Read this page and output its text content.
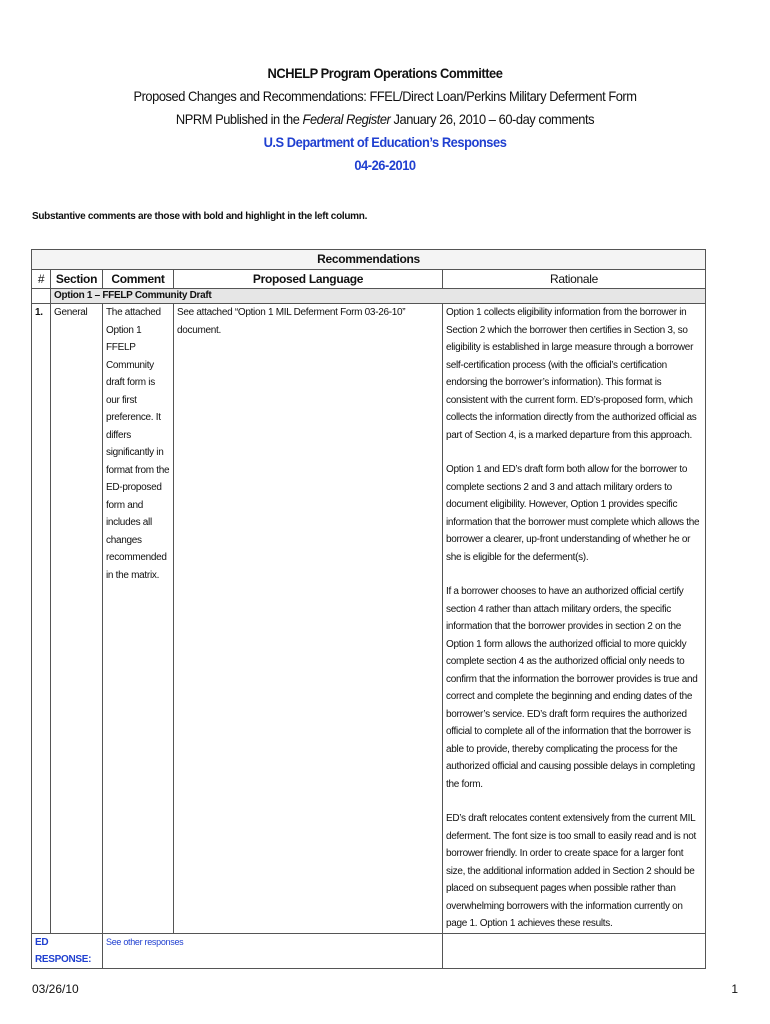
NCHELP Program Operations Committee
Proposed Changes and Recommendations: FFEL/Direct Loan/Perkins Military Deferment Form
NPRM Published in the Federal Register January 26, 2010 – 60-day comments
U.S Department of Education’s Responses
04-26-2010
Substantive comments are those with bold and highlight in the left column.
Recommendations				
#	Section	Comment	Proposed Language	Rationale
	Option 1 – FFELP Community Draft			
1.	General	The attached Option 1 FFELP Community draft form is our first preference. It differs significantly in format from the ED-proposed form and includes all changes recommended in the matrix.	See attached “Option 1 MIL Deferment Form 03-26-10” document.	Option 1 collects eligibility information from the borrower in Section 2 which the borrower then certifies in Section 3, so eligibility is established in large measure through a borrower self-certification process (with the official’s certification endorsing the borrower’s information). This format is consistent with the current form. ED’s-proposed form, which collects the information directly from the authorized official as part of Section 4, is a marked departure from this approach.

Option 1 and ED’s draft form both allow for the borrower to complete sections 2 and 3 and attach military orders to document eligibility. However, Option 1 provides specific information that the borrower must complete which allows the borrower a clearer, up-front understanding of whether he or she is eligible for the deferment(s).

If a borrower chooses to have an authorized official certify section 4 rather than attach military orders, the specific information that the borrower provides in section 2 on the Option 1 form allows the authorized official to more quickly complete section 4 as the authorized official only needs to confirm that the information the borrower provides is true and correct and complete the beginning and ending dates of the borrower’s service. ED’s draft form requires the authorized official to complete all of the information that the borrower is able to provide, thereby complicating the process for the authorized official and causing possible delays in completing the form.

ED’s draft relocates content extensively from the current MIL deferment. The font size is too small to easily read and is not borrower friendly. In order to create space for a larger font size, the additional information added in Section 2 should be placed on subsequent pages when possible rather than overwhelming borrowers with the information currently on page 1. Option 1 achieves these results.

ED RESPONSE:		See other responses		
03/26/10	1
